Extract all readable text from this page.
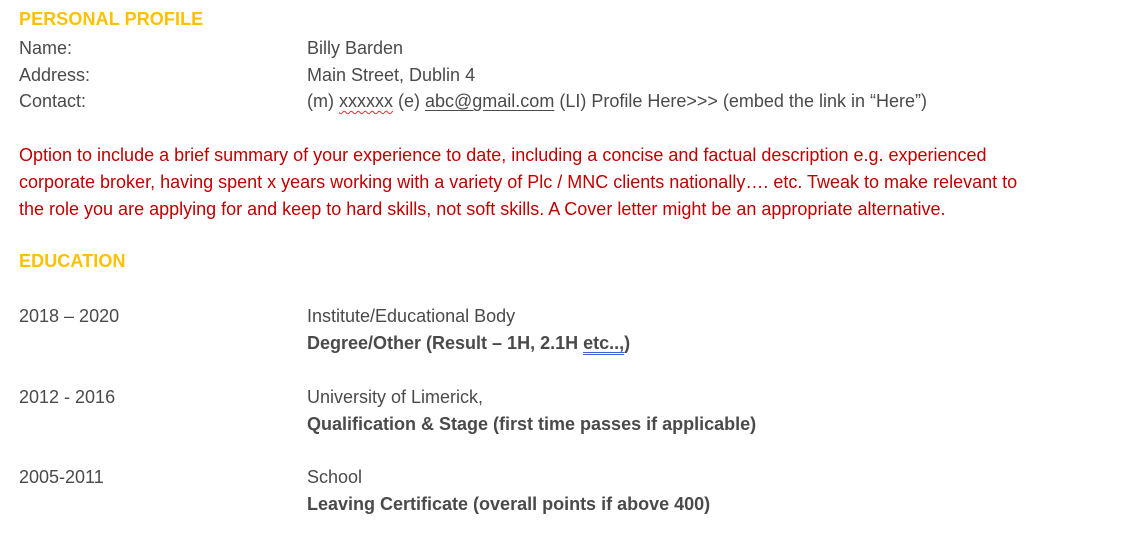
PERSONAL PROFILE
Name:	Billy Barden
Address:	Main Street, Dublin 4
Contact:	(m) xxxxxx (e) abc@gmail.com (LI) Profile Here>>> (embed the link in “Here”)
Option to include a brief summary of your experience to date, including a concise and factual description e.g. experienced
corporate broker, having spent x years working with a variety of Plc / MNC clients nationally…. etc. Tweak to make relevant to
the role you are applying for and keep to hard skills, not soft skills. A Cover letter might be an appropriate alternative.
EDUCATION
2018 – 2020	Institute/Educational Body
Degree/Other (Result – 1H, 2.1H etc..,)
2012 - 2016	University of Limerick,
Qualification & Stage (first time passes if applicable)
2005-2011	School
Leaving Certificate (overall points if above 400)
